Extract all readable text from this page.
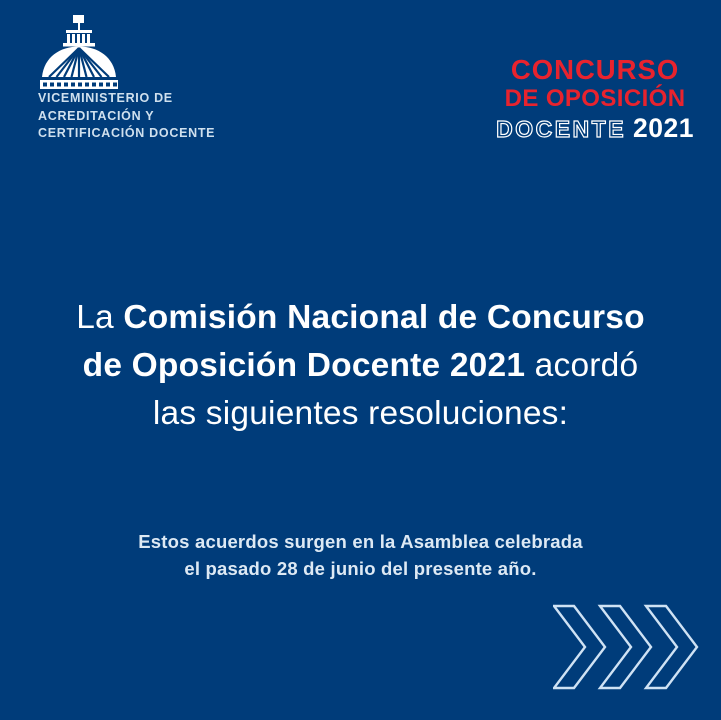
VICEMINISTERIO DE
ACREDITACIÓN Y
CERTIFICACIÓN DOCENTE
CONCURSO
DE OPOSICIÓN
DOCENTE 2021
La Comisión Nacional de Concurso
de Oposición Docente 2021 acordó
las siguientes resoluciones:
Estos acuerdos surgen en la Asamblea celebrada
el pasado 28 de junio del presente año.
